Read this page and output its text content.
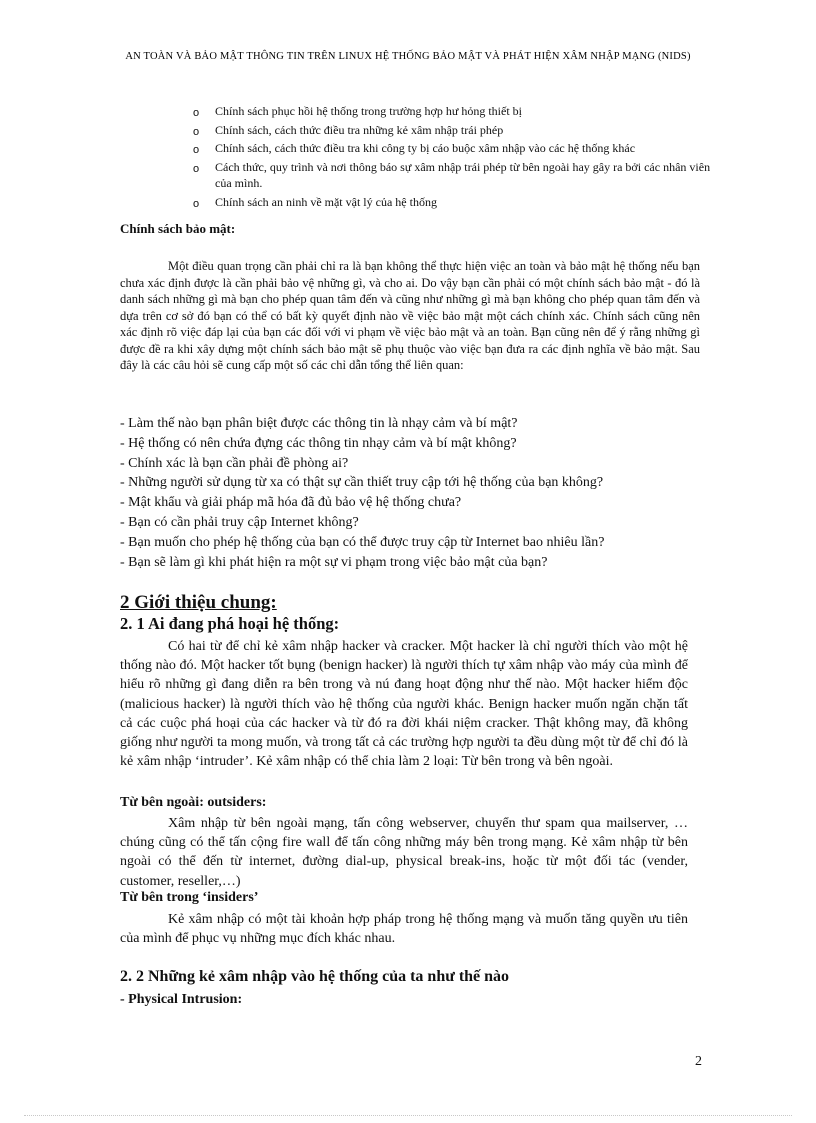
AN TOÀN VÀ BẢO MẬT THÔNG TIN TRÊN LINUX HỆ THỐNG BẢO MẬT VÀ PHÁT HIỆN XÂM NHẬP MẠNG (NIDS)
o	Chính sách phục hồi hệ thống trong trường hợp hư hỏng thiết bị
o	Chính sách, cách thức điều tra những kẻ xâm nhập trái phép
o	Chính sách, cách thức điều tra khi công ty bị cáo buộc xâm nhập vào các hệ thống khác
o	Cách thức, quy trình và nơi thông báo sự xâm nhập trái phép từ bên ngoài hay gây ra bởi các nhân viên của mình.
o	Chính sách an ninh về mặt vật lý của hệ thống
Chính sách bảo mật:

Một điều quan trọng cần phải chỉ ra là bạn không thể thực hiện việc an toàn và bảo mật hệ thống nếu bạn chưa xác định được là cần phải bảo vệ những gì, và cho ai. Do vậy bạn cần phải có một chính sách bảo mật - đó là danh sách những gì mà bạn cho phép quan tâm đến và cũng như những gì mà bạn không cho phép quan tâm đến và dựa trên cơ sở đó bạn có thể có bất kỳ quyết định nào về việc bảo mật một cách chính xác. Chính sách cũng nên xác định rõ việc đáp lại của bạn các đối với vi phạm về việc bảo mật và an toàn. Bạn cũng nên để ý rằng những gì được đề ra khi xây dựng một chính sách bảo mật sẽ phụ thuộc vào việc bạn đưa ra các định nghĩa về bảo mật. Sau đây là các câu hỏi sẽ cung cấp một số các chỉ dẫn tổng thể liên quan:

- Làm thế nào bạn phân biệt được các thông tin là nhạy cảm và bí mật?
- Hệ thống có nên chứa đựng các thông tin nhạy cảm và bí mật không?
- Chính xác là bạn cần phải đề phòng ai?
- Những người sử dụng từ xa có thật sự cần thiết truy cập tới hệ thống của bạn không?
- Mật khẩu và giải pháp mã hóa đã đủ bảo vệ hệ thống chưa?
- Bạn có cần phải truy cập Internet không?
- Bạn muốn cho phép hệ thống của bạn có thể được truy cập từ Internet bao nhiêu lần?
- Bạn sẽ làm gì khi phát hiện ra một sự vi phạm trong việc bảo mật của bạn?
2 Giới thiệu chung:
2. 1 Ai đang phá hoại hệ thống:

Có hai từ để chỉ kẻ xâm nhập hacker và cracker. Một hacker là chỉ người thích vào một hệ thống nào đó. Một hacker tốt bụng (benign hacker) là người thích tự xâm nhập vào máy của mình để hiểu rõ những gì đang diễn ra bên trong và nú đang hoạt động như thế nào. Một hacker hiểm độc (malicious hacker) là người thích vào hệ thống của người khác. Benign hacker muốn ngăn chặn tất cả các cuộc phá hoại của các hacker và từ đó ra đời khái niệm cracker. Thật không may, đã không giống như người ta mong muốn, và trong tất cả các trường hợp người ta đều dùng một từ để chỉ đó là kẻ xâm nhập ‘intruder’. Kẻ xâm nhập có thể chia làm 2 loại: Từ bên trong và bên ngoài.

Từ bên ngoài: outsiders:

Xâm nhập từ bên ngoài mạng, tấn công webserver, chuyển thư spam qua mailserver, … chúng cũng có thể tấn cộng fire wall để tấn công những máy bên trong mạng. Kẻ xâm nhập từ bên ngoài có thể đến từ internet, đường dial-up, physical break-ins, hoặc từ một đối tác (vender, customer, reseller,…)

Từ bên trong ‘insiders’

Kẻ xâm nhập có một tài khoản hợp pháp trong hệ thống mạng và muốn tăng quyền ưu tiên của mình để phục vụ những mục đích khác nhau.

2. 2 Những kẻ xâm nhập vào hệ thống của ta như thế nào
- Physical Intrusion:
2
